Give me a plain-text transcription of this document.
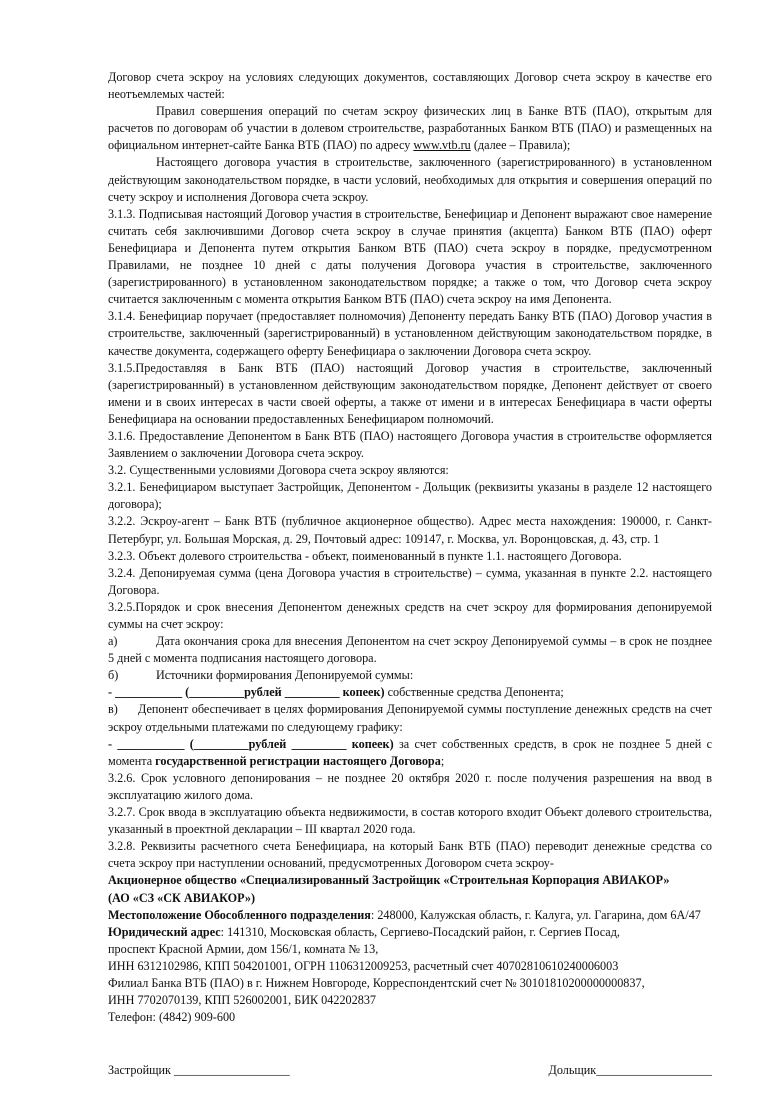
Договор счета эскроу на условиях следующих документов, составляющих Договор счета эскроу в качестве его неотъемлемых частей:

Правил совершения операций по счетам эскроу физических лиц в Банке ВТБ (ПАО), открытым для расчетов по договорам об участии в долевом строительстве, разработанных Банком ВТБ (ПАО) и размещенных на официальном интернет-сайте Банка ВТБ (ПАО) по адресу www.vtb.ru (далее – Правила);

Настоящего договора участия в строительстве, заключенного (зарегистрированного) в установленном действующим законодательством порядке, в части условий, необходимых для открытия и совершения операций по счету эскроу и исполнения Договора счета эскроу.

3.1.3. Подписывая настоящий Договор участия в строительстве, Бенефициар и Депонент выражают свое намерение считать себя заключившими Договор счета эскроу в случае принятия (акцепта) Банком ВТБ (ПАО) оферт Бенефициара и Депонента путем открытия Банком ВТБ (ПАО) счета эскроу в порядке, предусмотренном Правилами, не позднее 10 дней с даты получения Договора участия в строительстве, заключенного (зарегистрированного) в установленном законодательством порядке; а также о том, что Договор счета эскроу считается заключенным с момента открытия Банком ВТБ (ПАО) счета эскроу на имя Депонента.

3.1.4. Бенефициар поручает (предоставляет полномочия) Депоненту передать Банку ВТБ (ПАО) Договор участия в строительстве, заключенный (зарегистрированный) в установленном действующим законодательством порядке, в качестве документа, содержащего оферту Бенефициара о заключении Договора счета эскроу.

3.1.5.Предоставляя в Банк ВТБ (ПАО) настоящий Договор участия в строительстве, заключенный (зарегистрированный) в установленном действующим законодательством порядке, Депонент действует от своего имени и в своих интересах в части своей оферты, а также от имени и в интересах Бенефициара в части оферты Бенефициара на основании предоставленных Бенефициаром полномочий.

3.1.6. Предоставление Депонентом в Банк ВТБ (ПАО) настоящего Договора участия в строительстве оформляется Заявлением о заключении Договора счета эскроу.

3.2. Существенными условиями Договора счета эскроу являются:

3.2.1. Бенефициаром выступает Застройщик, Депонентом - Дольщик (реквизиты указаны в разделе 12 настоящего договора);

3.2.2. Эскроу-агент – Банк ВТБ (публичное акционерное общество). Адрес места нахождения: 190000, г. Санкт-Петербург, ул. Большая Морская, д. 29, Почтовый адрес: 109147, г. Москва, ул. Воронцовская, д. 43, стр. 1

3.2.3. Объект долевого строительства - объект, поименованный в пункте 1.1. настоящего Договора.

3.2.4. Депонируемая сумма (цена Договора участия в строительстве) – сумма, указанная в пункте 2.2. настоящего Договора.

3.2.5.Порядок и срок внесения Депонентом денежных средств на счет эскроу для формирования депонируемой суммы на счет эскроу:

а)	Дата окончания срока для внесения Депонентом на счет эскроу Депонируемой суммы – в срок не позднее 5 дней с момента подписания настоящего договора.

б)	Источники формирования Депонируемой суммы:

- ___________ (_________рублей _________ копеек) собственные средства Депонента;

в) Депонент обеспечивает в целях формирования Депонируемой суммы поступление денежных средств на счет эскроу отдельными платежами по следующему графику:

- ___________ (_________рублей _________ копеек) за счет собственных средств, в срок не позднее 5 дней с момента государственной регистрации настоящего Договора;

3.2.6. Срок условного депонирования – не позднее 20 октября 2020 г. после получения разрешения на ввод в эксплуатацию жилого дома.

3.2.7. Срок ввода в эксплуатацию объекта недвижимости, в состав которого входит Объект долевого строительства, указанный в проектной декларации – III квартал 2020 года.

3.2.8. Реквизиты расчетного счета Бенефициара, на который Банк ВТБ (ПАО) переводит денежные средства со счета эскроу при наступлении оснований, предусмотренных Договором счета эскроу-

Акционерное общество «Специализированный Застройщик «Строительная Корпорация АВИАКОР»

(АО «СЗ «СК АВИАКОР»)

Местоположение Обособленного подразделения: 248000, Калужская область, г. Калуга, ул. Гагарина, дом 6А/47

Юридический адрес: 141310, Московская область, Сергиево-Посадский район, г. Сергиев Посад,

проспект Красной Армии, дом 156/1, комната № 13,

ИНН 6312102986, КПП 504201001, ОГРН 1106312009253, расчетный счет 40702810610240006003

Филиал Банка ВТБ (ПАО) в г. Нижнем Новгороде, Корреспондентский счет № 30101810200000000837,

ИНН 7702070139, КПП 526002001, БИК 042202837

Телефон: (4842) 909-600

Застройщик ___________________	Дольщик___________________
